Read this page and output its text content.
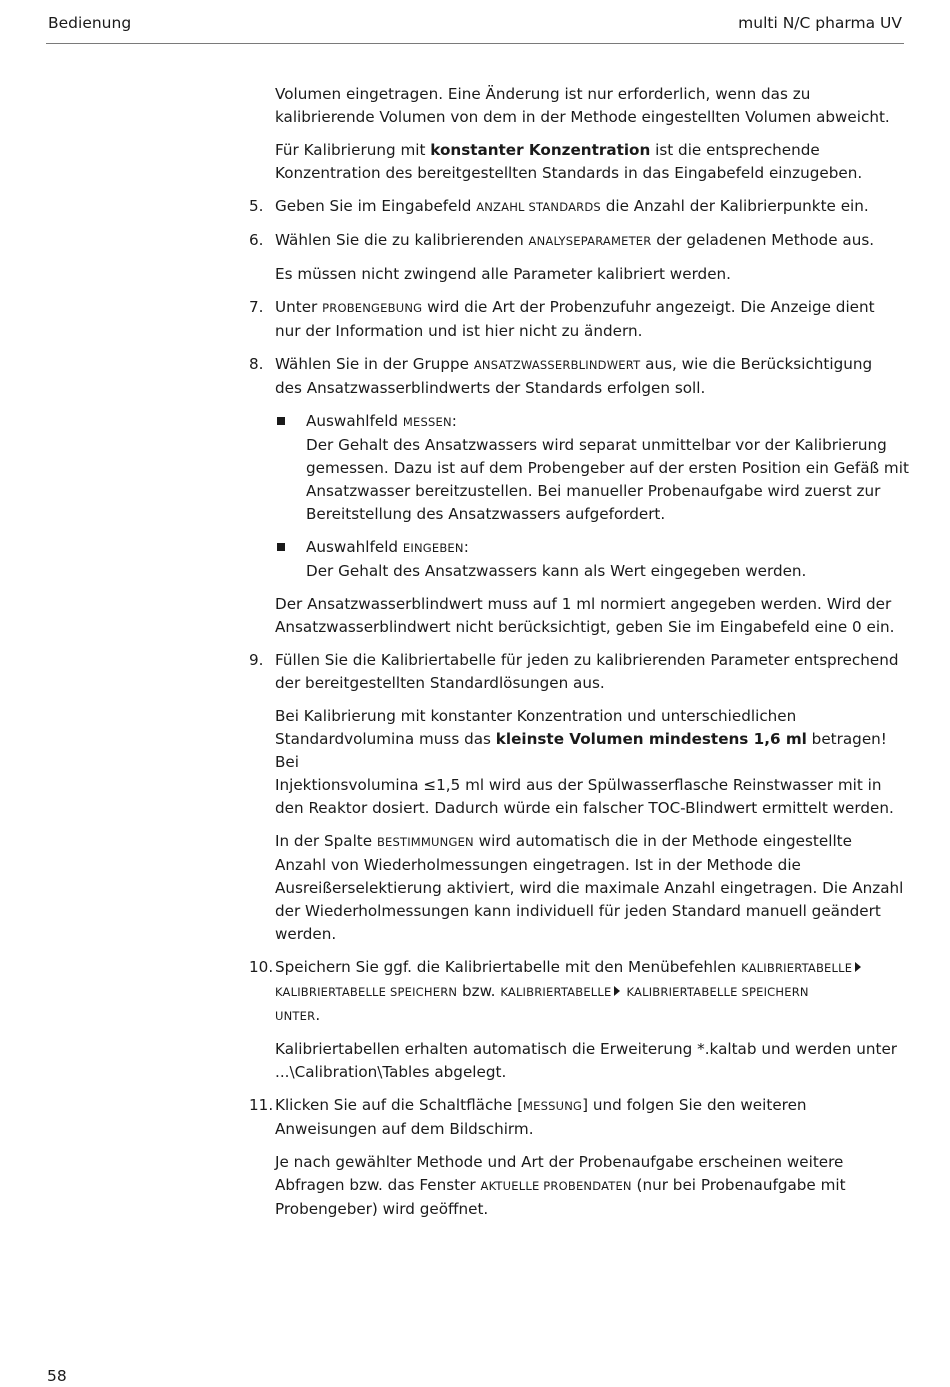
Bedienung	multi N/C pharma UV
Volumen eingetragen. Eine Änderung ist nur erforderlich, wenn das zu
kalibrierende Volumen von dem in der Methode eingestellten Volumen abweicht.
Für Kalibrierung mit konstanter Konzentration ist die entsprechende
Konzentration des bereitgestellten Standards in das Eingabefeld einzugeben.
5. Geben Sie im Eingabefeld ANZAHL STANDARDS die Anzahl der Kalibrierpunkte ein.
6. Wählen Sie die zu kalibrierenden ANALYSEPARAMETER der geladenen Methode aus.
Es müssen nicht zwingend alle Parameter kalibriert werden.
7. Unter PROBENGEBUNG wird die Art der Probenzufuhr angezeigt. Die Anzeige dient
nur der Information und ist hier nicht zu ändern.
8. Wählen Sie in der Gruppe ANSATZWASSERBLINDWERT aus, wie die Berücksichtigung
des Ansatzwasserblindwerts der Standards erfolgen soll.
Auswahlfeld MESSEN:
Der Gehalt des Ansatzwassers wird separat unmittelbar vor der Kalibrierung
gemessen. Dazu ist auf dem Probengeber auf der ersten Position ein Gefäß mit
Ansatzwasser bereitzustellen. Bei manueller Probenaufgabe wird zuerst zur
Bereitstellung des Ansatzwassers aufgefordert.
Auswahlfeld EINGEBEN:
Der Gehalt des Ansatzwassers kann als Wert eingegeben werden.
Der Ansatzwasserblindwert muss auf 1 ml normiert angegeben werden. Wird der
Ansatzwasserblindwert nicht berücksichtigt, geben Sie im Eingabefeld eine 0 ein.
9. Füllen Sie die Kalibriertabelle für jeden zu kalibrierenden Parameter entsprechend
der bereitgestellten Standardlösungen aus.
Bei Kalibrierung mit konstanter Konzentration und unterschiedlichen
Standardvolumina muss das kleinste Volumen mindestens 1,6 ml betragen! Bei
Injektionsvolumina ≤1,5 ml wird aus der Spülwasserflasche Reinstwasser mit in
den Reaktor dosiert. Dadurch würde ein falscher TOC-Blindwert ermittelt werden.
In der Spalte BESTIMMUNGEN wird automatisch die in der Methode eingestellte
Anzahl von Wiederholmessungen eingetragen. Ist in der Methode die
Ausreißerselektierung aktiviert, wird die maximale Anzahl eingetragen. Die Anzahl
der Wiederholmessungen kann individuell für jeden Standard manuell geändert
werden.
10. Speichern Sie ggf. die Kalibriertabelle mit den Menübefehlen KALIBRIERTABELLE
KALIBRIERTABELLE SPEICHERN bzw. KALIBRIERTABELLE KALIBRIERTABELLE SPEICHERN
UNTER.
Kalibriertabellen erhalten automatisch die Erweiterung *.kaltab und werden unter
...\Calibration\Tables abgelegt.
11. Klicken Sie auf die Schaltfläche [MESSUNG] und folgen Sie den weiteren
Anweisungen auf dem Bildschirm.
Je nach gewählter Methode und Art der Probenaufgabe erscheinen weitere
Abfragen bzw. das Fenster AKTUELLE PROBENDATEN (nur bei Probenaufgabe mit
Probengeber) wird geöffnet.
58
